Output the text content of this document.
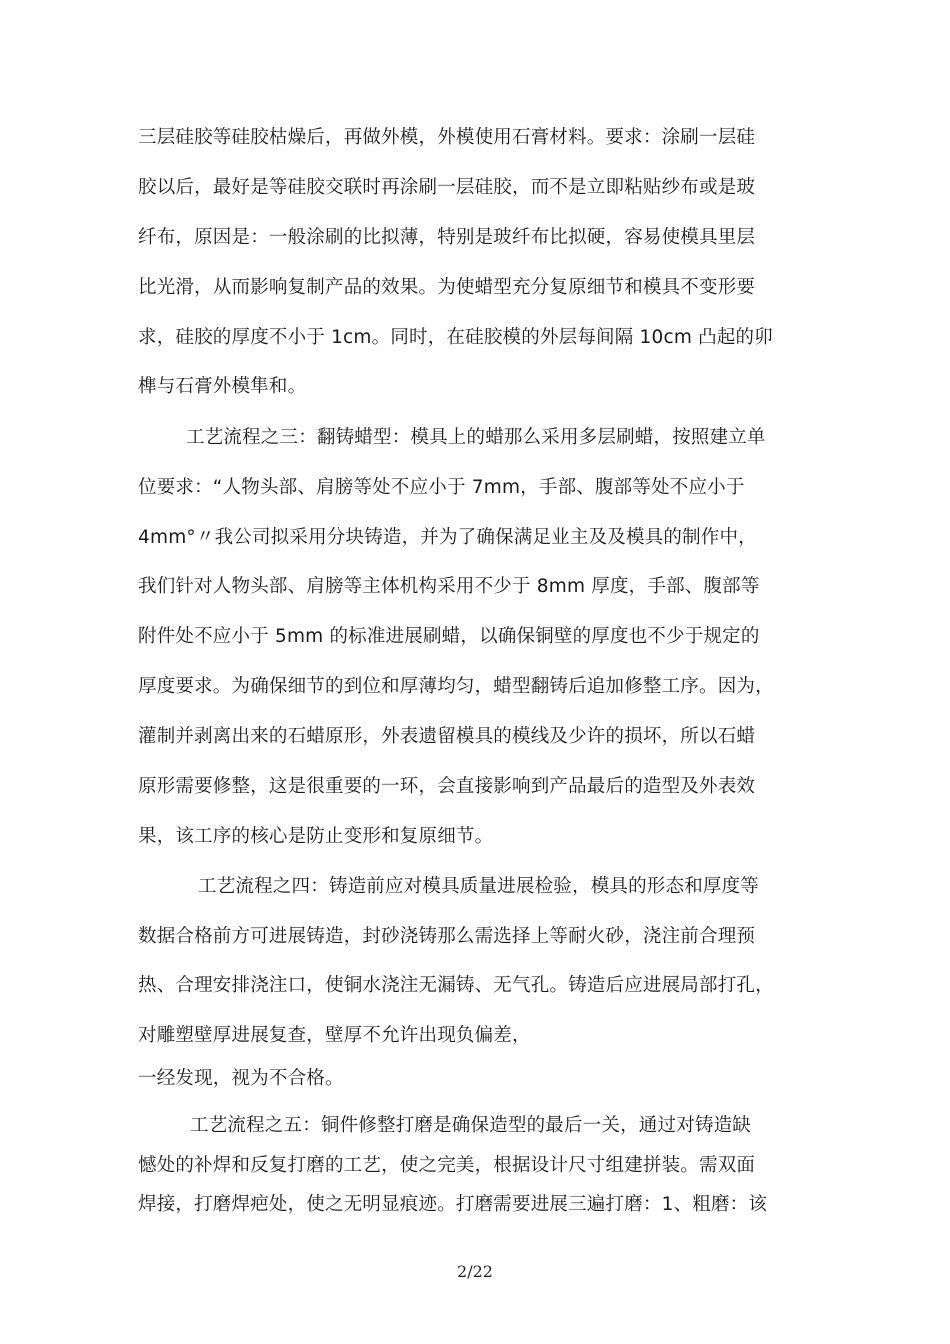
三层硅胶等硅胶枯燥后，再做外模，外模使用石膏材料。要求：涂刷一层硅
胶以后，最好是等硅胶交联时再涂刷一层硅胶，而不是立即粘贴纱布或是玻
纤布，原因是：一般涂刷的比拟薄，特别是玻纤布比拟硬，容易使模具里层
比光滑，从而影响复制产品的效果。为使蜡型充分复原细节和模具不变形要
求，硅胶的厚度不小于 1cm。同时，在硅胶模的外层每间隔 10cm 凸起的卯
榫与石膏外模隼和。
工艺流程之三：翻铸蜡型：模具上的蜡那么采用多层刷蜡，按照建立单
位要求：“人物头部、肩膀等处不应小于 7mm，手部、腹部等处不应小于
4mm°〃我公司拟采用分块铸造，并为了确保满足业主及及模具的制作中，
我们针对人物头部、肩膀等主体机构采用不少于 8mm 厚度，手部、腹部等
附件处不应小于 5mm 的标准进展刷蜡，以确保铜壁的厚度也不少于规定的
厚度要求。为确保细节的到位和厚薄均匀，蜡型翻铸后追加修整工序。因为，
灌制并剥离出来的石蜡原形，外表遗留模具的模线及少许的损坏，所以石蜡
原形需要修整，这是很重要的一环，会直接影响到产品最后的造型及外表效
果，该工序的核心是防止变形和复原细节。
工艺流程之四：铸造前应对模具质量进展检验，模具的形态和厚度等
数据合格前方可进展铸造，封砂浇铸那么需选择上等耐火砂，浇注前合理预
热、合理安排浇注口，使铜水浇注无漏铸、无气孔。铸造后应进展局部打孔，
对雕塑壁厚进展复查，壁厚不允许出现负偏差，
一经发现，视为不合格。
工艺流程之五：铜件修整打磨是确保造型的最后一关，通过对铸造缺
憾处的补焊和反复打磨的工艺，使之完美，根据设计尺寸组建拼装。需双面
焊接，打磨焊疤处，使之无明显痕迹。打磨需要进展三遍打磨：1、粗磨：该
2/22
